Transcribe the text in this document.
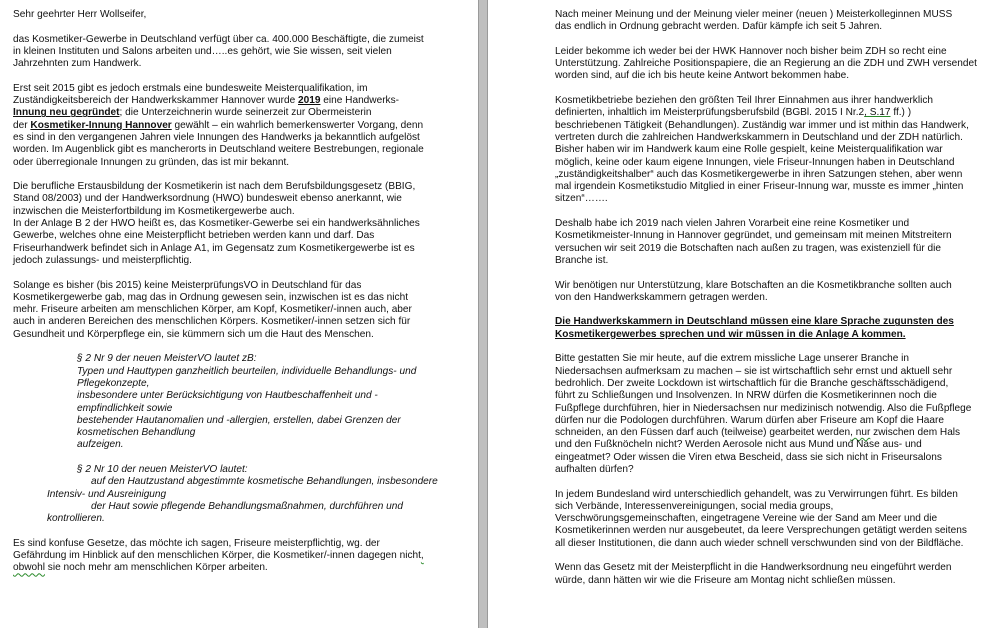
Sehr geehrter Herr Wollseifer,

das Kosmetiker-Gewerbe in Deutschland verfügt über ca. 400.000 Beschäftigte, die zumeist
in kleinen Instituten und Salons arbeiten und…..es gehört, wie Sie wissen, seit vielen
Jahrzehnten zum Handwerk.

Erst seit 2015 gibt es jedoch erstmals eine bundesweite Meisterqualifikation, im
Zuständigkeitsbereich der Handwerkskammer Hannover wurde 2019 eine Handwerks-
Innung neu gegründet; die Unterzeichnerin wurde seinerzeit zur Obermeisterin
der Kosmetiker-Innung Hannover gewählt – ein wahrlich bemerkenswerter Vorgang, denn
es sind in den vergangenen Jahren viele Innungen des Handwerks ja bekanntlich aufgelöst
worden. Im Augenblick gibt es mancherorts in Deutschland weitere Bestrebungen, regionale
oder überregionale Innungen zu gründen, das ist mir bekannt.

Die berufliche Erstausbildung der Kosmetikerin ist nach dem Berufsbildungsgesetz (BBIG,
Stand 08/2003) und der Handwerksordnung (HWO) bundesweit ebenso anerkannt, wie
inzwischen die Meisterfortbildung im Kosmetikergewerbe auch.
In der Anlage B 2 der HWO heißt es, das Kosmetiker-Gewerbe sei ein handwerksähnliches
Gewerbe, welches ohne eine Meisterpflicht betrieben werden kann und darf. Das
Friseurhandwerk befindet sich in Anlage A1, im Gegensatz zum Kosmetikergewerbe ist es
jedoch zulassungs- und meisterpflichtig.

Solange es bisher (bis 2015) keine MeisterprüfungsVO in Deutschland für das
Kosmetikergewerbe gab, mag das in Ordnung gewesen sein, inzwischen ist es das nicht
mehr. Friseure arbeiten am menschlichen Körper, am Kopf, Kosmetiker/-innen auch, aber
auch in anderen Bereichen des menschlichen Körpers. Kosmetiker/-innen setzen sich für
Gesundheit und Körperpflege ein, sie kümmern sich um die Haut des Menschen.

§ 2 Nr 9 der neuen MeisterVO lautet zB:
Typen und Hauttypen ganzheitlich beurteilen, individuelle Behandlungs- und
Pflegekonzepte,
insbesondere unter Berücksichtigung von Hautbeschaffenheit und -
empfindlichkeit sowie
bestehender Hautanomalien und -allergien, erstellen, dabei Grenzen der
kosmetischen Behandlung
aufzeigen.
§ 2 Nr 10 der neuen MeisterVO lautet:
auf den Hautzustand abgestimmte kosmetische Behandlungen, insbesondere
Intensiv- und Ausreinigung
der Haut sowie pflegende Behandlungsmaßnahmen, durchführen und
kontrollieren.

Es sind konfuse Gesetze, das möchte ich sagen, Friseure meisterpflichtig, wg. der
Gefährdung im Hinblick auf den menschlichen Körper, die Kosmetiker/-innen dagegen nicht,
obwohl sie noch mehr am menschlichen Körper arbeiten.

Nach meiner Meinung und der Meinung vieler meiner (neuen ) Meisterkolleginnen MUSS
das endlich in Ordnung gebracht werden. Dafür kämpfe ich seit 5 Jahren.

Leider bekomme ich weder bei der HWK Hannover noch bisher beim ZDH so recht eine
Unterstützung. Zahlreiche Positionspapiere, die an Regierung an die ZDH und ZWH versendet
worden sind, auf die ich bis heute keine Antwort bekommen habe.

Kosmetikbetriebe beziehen den größten Teil Ihrer Einnahmen aus ihrer handwerklich
definierten, inhaltlich im Meisterprüfungsberufsbild (BGBl. 2015 I Nr.2, S.17 ff.) )
beschriebenen Tätigkeit (Behandlungen). Zuständig war immer und ist mithin das Handwerk,
vertreten durch die zahlreichen Handwerkskammern in Deutschland und der ZDH natürlich.
Bisher haben wir im Handwerk kaum eine Rolle gespielt, keine Meisterqualifikation war
möglich, keine oder kaum eigene Innungen, viele Friseur-Innungen haben in Deutschland
„zuständigkeitshalber“ auch das Kosmetikergewerbe in ihren Satzungen stehen, aber wenn
mal irgendein Kosmetikstudio Mitglied in einer Friseur-Innung war, musste es immer „hinten
sitzen“…….

Deshalb habe ich 2019 nach vielen Jahren Vorarbeit eine reine Kosmetiker und
Kosmetikmeister-Innung in Hannover gegründet, und gemeinsam mit meinen Mitstreitern
versuchen wir seit 2019 die Botschaften nach außen zu tragen, was existenziell für die
Branche ist.

Wir benötigen nur Unterstützung, klare Botschaften an die Kosmetikbranche sollten auch
von den Handwerkskammern getragen werden.

Die Handwerkskammern in Deutschland müssen eine klare Sprache zugunsten des
Kosmetikergewerbes sprechen und wir müssen in die Anlage A kommen.

Bitte gestatten Sie mir heute, auf die extrem missliche Lage unserer Branche in
Niedersachsen aufmerksam zu machen – sie ist wirtschaftlich sehr ernst und aktuell sehr
bedrohlich. Der zweite Lockdown ist wirtschaftlich für die Branche geschäftsschädigend,
führt zu Schließungen und Insolvenzen. In NRW dürfen die Kosmetikerinnen noch die
Fußpflege durchführen, hier in Niedersachsen nur medizinisch notwendig. Also die Fußpflege
dürfen nur die Podologen durchführen. Warum dürfen aber Friseure am Kopf die Haare
schneiden, an den Füssen darf auch (teilweise) gearbeitet werden, nur zwischen dem Hals
und den Fußknöcheln nicht? Werden Aerosole nicht aus Mund und Nase aus- und
eingeatmet? Oder wissen die Viren etwa Bescheid, dass sie sich nicht in Friseursalons
aufhalten dürfen?

In jedem Bundesland wird unterschiedlich gehandelt, was zu Verwirrungen führt. Es bilden
sich Verbände, Interessenvereinigungen, social media groups,
Verschwörungsgemeinschaften, eingetragene Vereine wie der Sand am Meer und die
Kosmetikerinnen werden nur ausgebeutet, da leere Versprechungen getätigt werden seitens
all dieser Institutionen, die dann auch wieder schnell verschwunden sind von der Bildfläche.

Wenn das Gesetz mit der Meisterpflicht in die Handwerksordnung neu eingeführt werden
würde, dann hätten wir wie die Friseure am Montag nicht schließen müssen.
